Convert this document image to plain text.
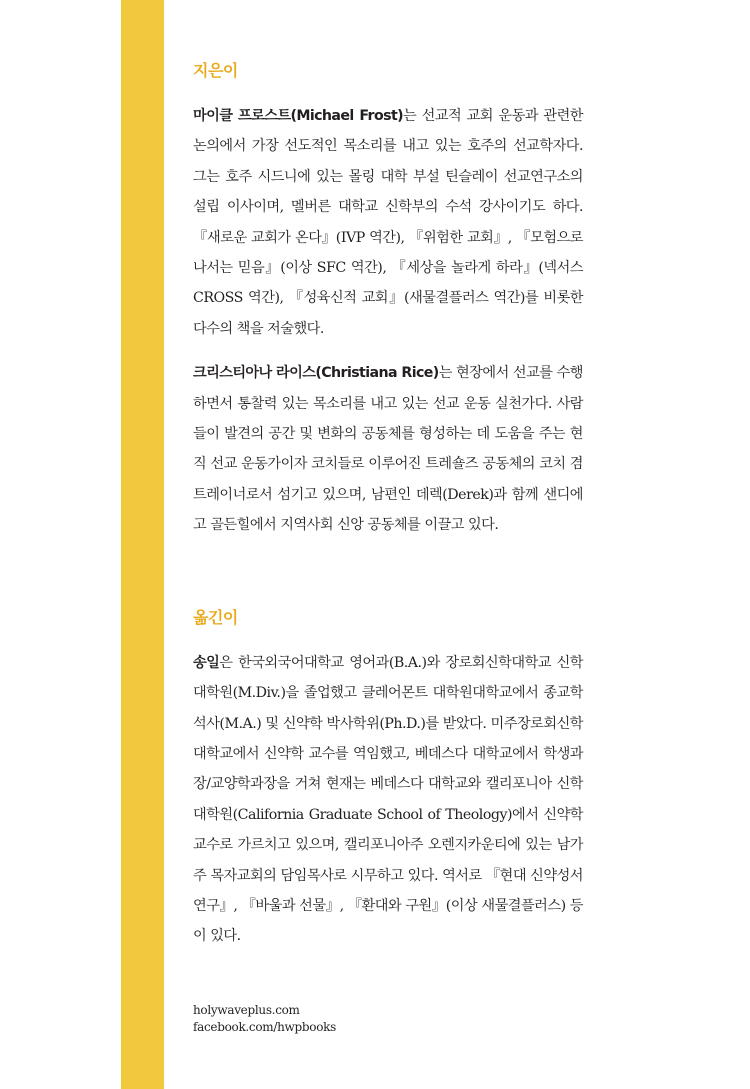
지은이

마이클 프로스트(Michael Frost)는 선교적 교회 운동과 관련한 논의에서 가장 선도적인 목소리를 내고 있는 호주의 선교학자다. 그는 호주 시드니에 있는 몰링 대학 부설 틴슬레이 선교연구소의 설립 이사이며, 멜버른 대학교 신학부의 수석 강사이기도 하다. 『새로운 교회가 온다』(IVP 역간), 『위험한 교회』, 『모험으로 나서는 믿음』(이상 SFC 역간), 『세상을 놀라게 하라』(넥서스CROSS 역간), 『성육신적 교회』(새물결플러스 역간)를 비롯한 다수의 책을 저술했다.

크리스티아나 라이스(Christiana Rice)는 현장에서 선교를 수행하면서 통찰력 있는 목소리를 내고 있는 선교 운동 실천가다. 사람들이 발견의 공간 및 변화의 공동체를 형성하는 데 도움을 주는 현직 선교 운동가이자 코치들로 이루어진 트레숄즈 공동체의 코치 겸 트레이너로서 섬기고 있으며, 남편인 데렉(Derek)과 함께 샌디에고 골든힐에서 지역사회 신앙 공동체를 이끌고 있다.

옮긴이

송일은 한국외국어대학교 영어과(B.A.)와 장로회신학대학교 신학대학원(M.Div.)을 졸업했고 클레어몬트 대학원대학교에서 종교학 석사(M.A.) 및 신약학 박사학위(Ph.D.)를 받았다. 미주장로회신학대학교에서 신약학 교수를 역임했고, 베데스다 대학교에서 학생과장/교양학과장을 거쳐 현재는 베데스다 대학교와 캘리포니아 신학대학원(California Graduate School of Theology)에서 신약학 교수로 가르치고 있으며, 캘리포니아주 오렌지카운티에 있는 남가주 목자교회의 담임목사로 시무하고 있다. 역서로 『현대 신약성서 연구』, 『바울과 선물』, 『환대와 구원』(이상 새물결플러스) 등이 있다.

holywaveplus.com
facebook.com/hwpbooks
